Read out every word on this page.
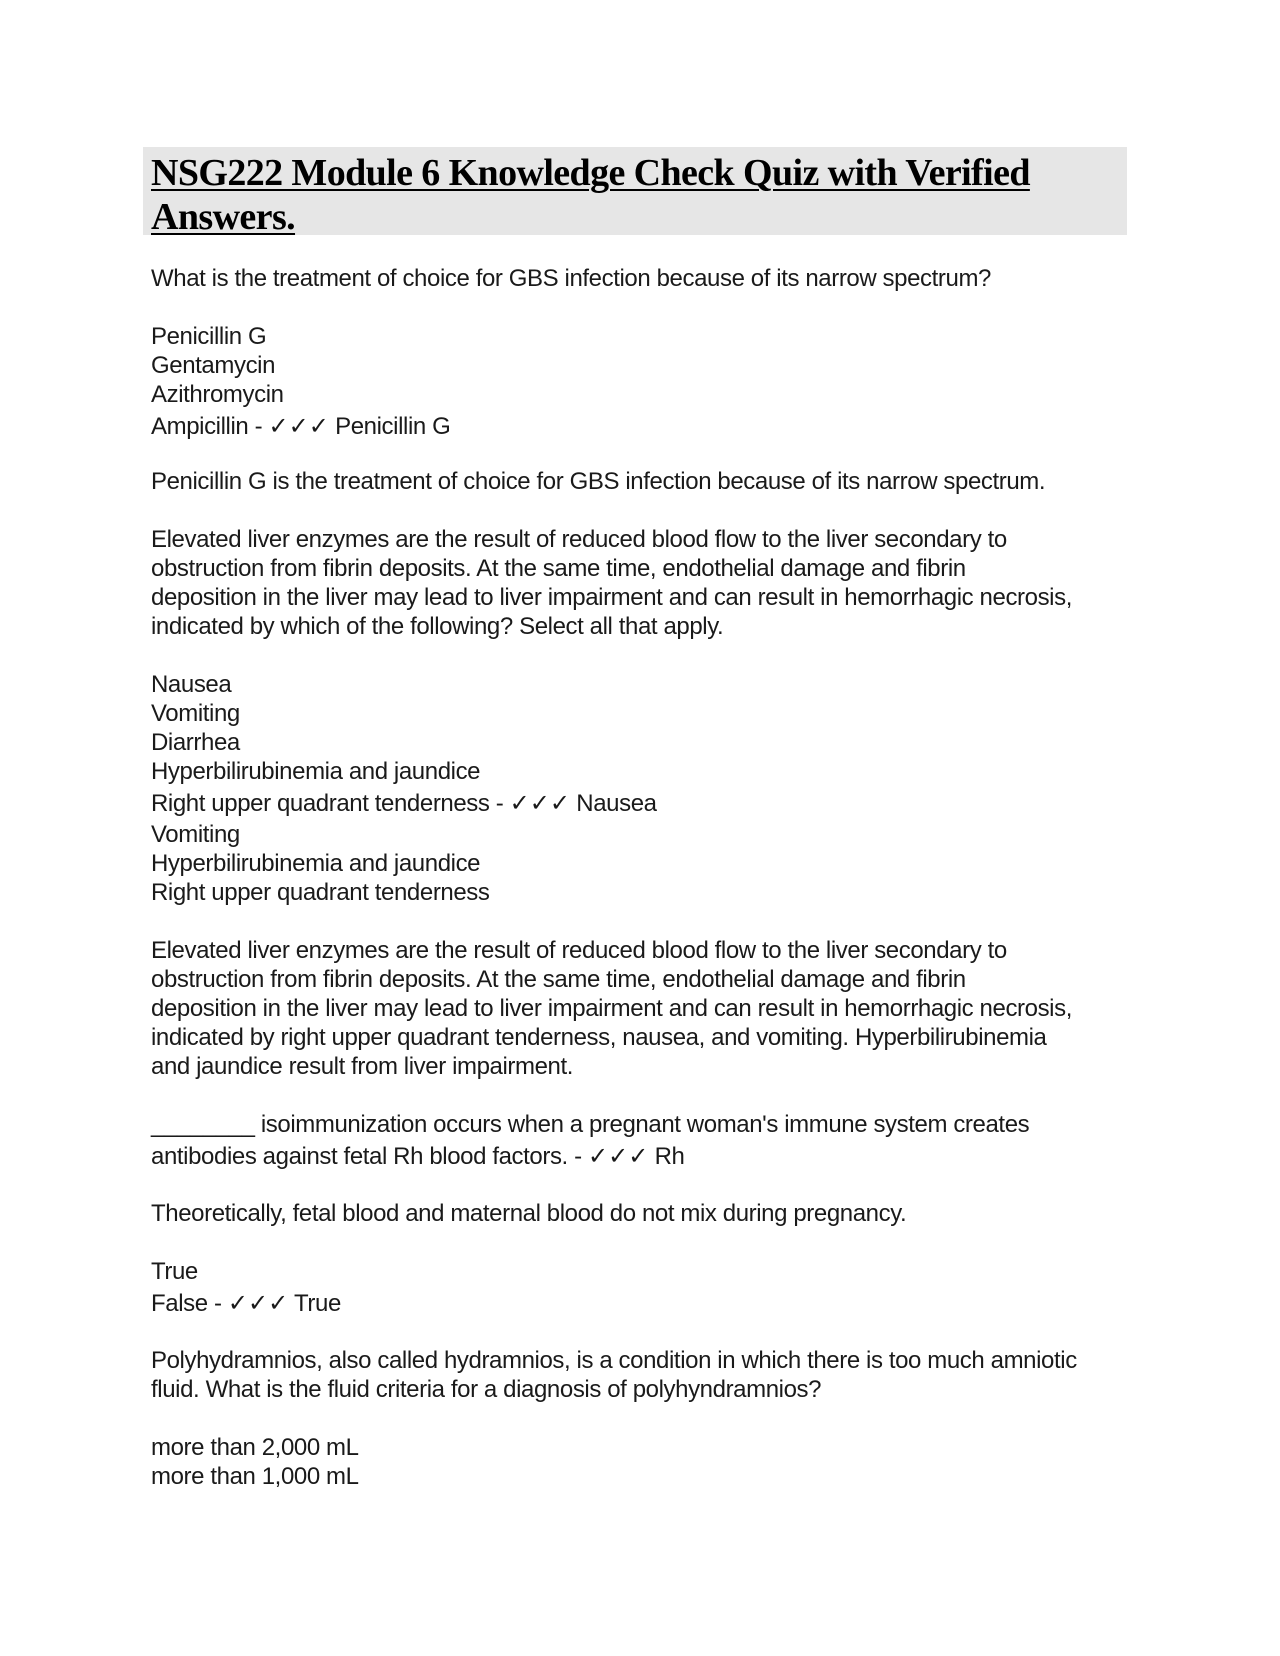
NSG222 Module 6 Knowledge Check Quiz with Verified Answers.
What is the treatment of choice for GBS infection because of its narrow spectrum?
Penicillin G
Gentamycin
Azithromycin
Ampicillin - ✓✓✓ Penicillin G
Penicillin G is the treatment of choice for GBS infection because of its narrow spectrum.
Elevated liver enzymes are the result of reduced blood flow to the liver secondary to
obstruction from fibrin deposits. At the same time, endothelial damage and fibrin
deposition in the liver may lead to liver impairment and can result in hemorrhagic necrosis,
indicated by which of the following? Select all that apply.
Nausea
Vomiting
Diarrhea
Hyperbilirubinemia and jaundice
Right upper quadrant tenderness - ✓✓✓ Nausea
Vomiting
Hyperbilirubinemia and jaundice
Right upper quadrant tenderness
Elevated liver enzymes are the result of reduced blood flow to the liver secondary to
obstruction from fibrin deposits. At the same time, endothelial damage and fibrin
deposition in the liver may lead to liver impairment and can result in hemorrhagic necrosis,
indicated by right upper quadrant tenderness, nausea, and vomiting. Hyperbilirubinemia
and jaundice result from liver impairment.
________ isoimmunization occurs when a pregnant woman's immune system creates
antibodies against fetal Rh blood factors. - ✓✓✓ Rh
Theoretically, fetal blood and maternal blood do not mix during pregnancy.
True
False - ✓✓✓ True
Polyhydramnios, also called hydramnios, is a condition in which there is too much amniotic
fluid. What is the fluid criteria for a diagnosis of polyhyndramnios?
more than 2,000 mL
more than 1,000 mL
